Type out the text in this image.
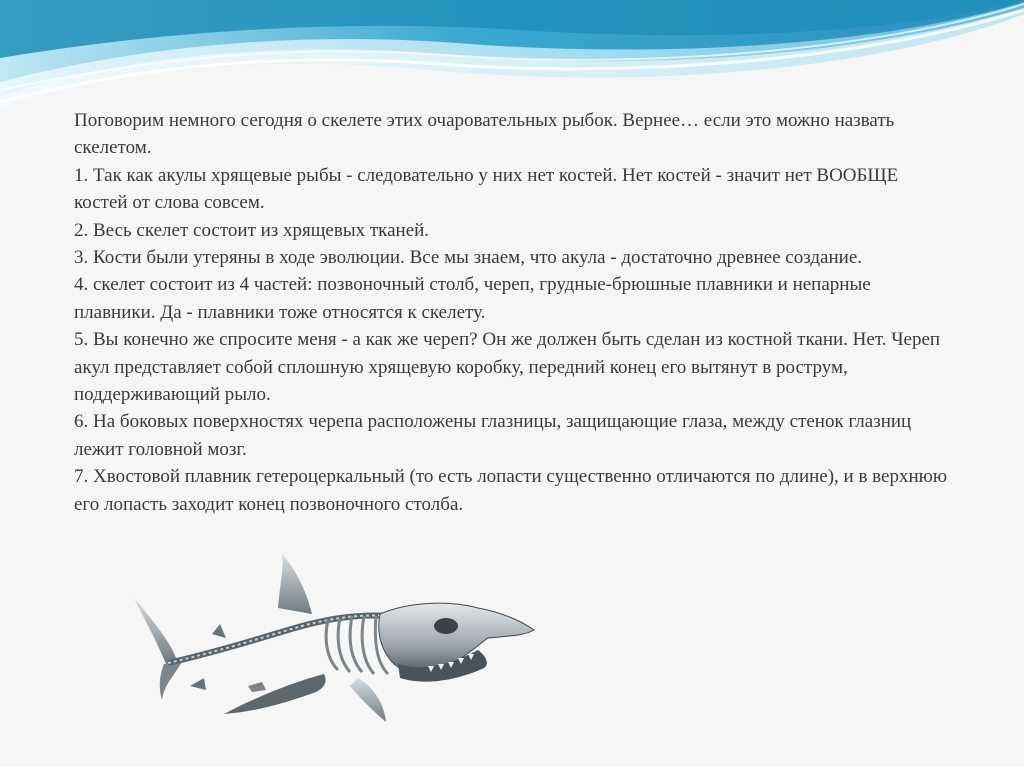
Поговорим немного сегодня о скелете этих очаровательных рыбок. Вернее… если это можно назвать скелетом.

1. Так как акулы хрящевые рыбы - следовательно у них нет костей. Нет костей - значит нет ВООБЩЕ костей от слова совсем.

2. Весь скелет состоит из хрящевых тканей.

3. Кости были утеряны в ходе эволюции. Все мы знаем, что акула - достаточно древнее создание.

4. скелет состоит из 4 частей: позвоночный столб, череп, грудные-брюшные плавники и непарные плавники. Да - плавники тоже относятся к скелету.

5. Вы конечно же спросите меня - а как же череп? Он же должен быть сделан из костной ткани. Нет. Череп акул представляет собой сплошную хрящевую коробку, передний конец его вытянут в рострум, поддерживающий рыло.

6. На боковых поверхностях черепа расположены глазницы, защищающие глаза, между стенок глазниц лежит головной мозг.

7. Хвостовой плавник гетероцеркальный (то есть лопасти существенно отличаются по длине), и в верхнюю его лопасть заходит конец позвоночного столба.
